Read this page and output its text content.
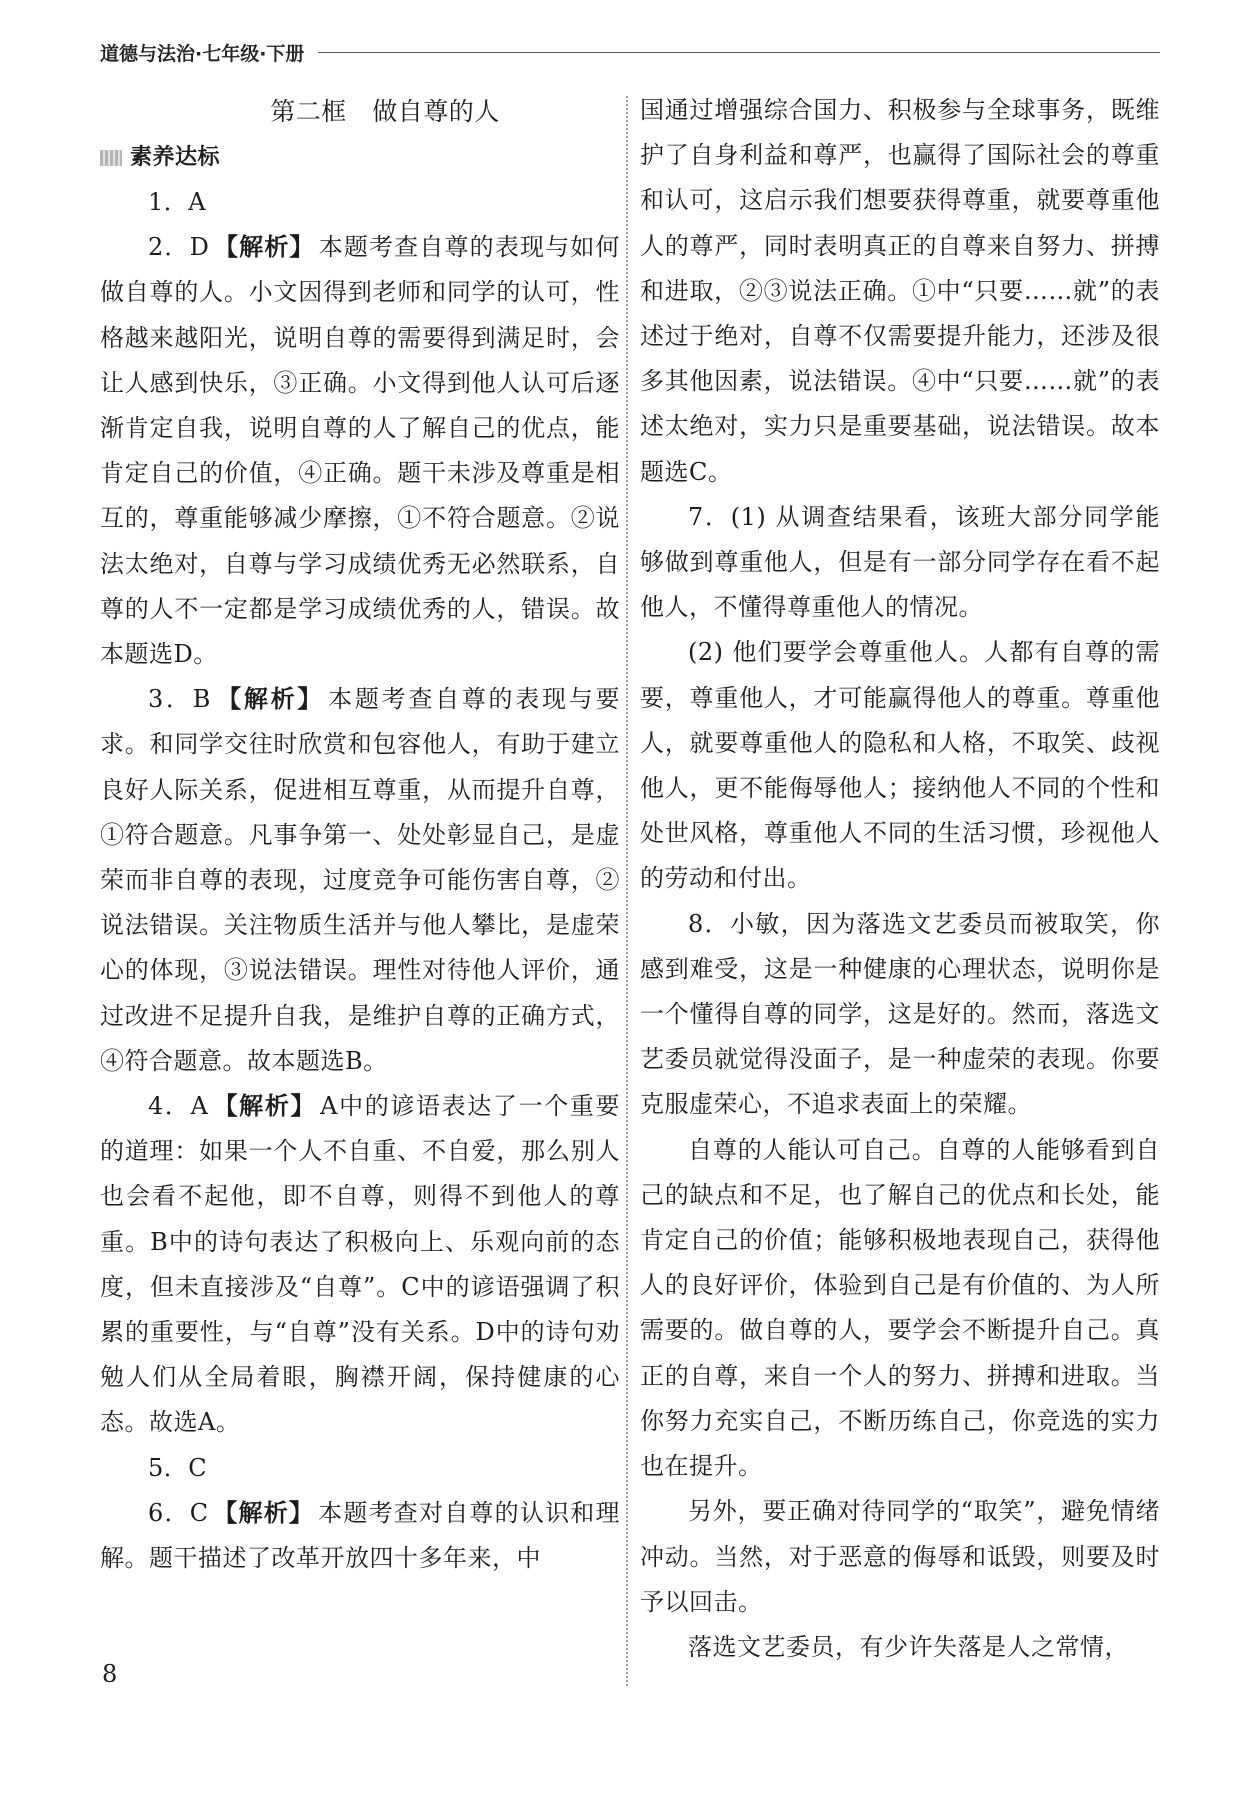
道德与法治·七年级·下册

第二框　做自尊的人

素养达标

1．A

2．D 【解析】 本题考查自尊的表现与如何做自尊的人。小文因得到老师和同学的认可，性格越来越阳光，说明自尊的需要得到满足时，会让人感到快乐，③正确。小文得到他人认可后逐渐肯定自我，说明自尊的人了解自己的优点，能肯定自己的价值，④正确。题干未涉及尊重是相互的，尊重能够减少摩擦，①不符合题意。②说法太绝对，自尊与学习成绩优秀无必然联系，自尊的人不一定都是学习成绩优秀的人，错误。故本题选D。

3．B 【解析】 本题考查自尊的表现与要求。和同学交往时欣赏和包容他人，有助于建立良好人际关系，促进相互尊重，从而提升自尊，①符合题意。凡事争第一、处处彰显自己，是虚荣而非自尊的表现，过度竞争可能伤害自尊，②说法错误。关注物质生活并与他人攀比，是虚荣心的体现，③说法错误。理性对待他人评价，通过改进不足提升自我，是维护自尊的正确方式，④符合题意。故本题选B。

4．A 【解析】 A中的谚语表达了一个重要的道理：如果一个人不自重、不自爱，那么别人也会看不起他，即不自尊，则得不到他人的尊重。B中的诗句表达了积极向上、乐观向前的态度，但未直接涉及“自尊”。C中的谚语强调了积累的重要性，与“自尊”没有关系。D中的诗句劝勉人们从全局着眼，胸襟开阔，保持健康的心态。故选A。

5．C

6．C 【解析】 本题考查对自尊的认识和理解。题干描述了改革开放四十多年来，中

国通过增强综合国力、积极参与全球事务，既维护了自身利益和尊严，也赢得了国际社会的尊重和认可，这启示我们想要获得尊重，就要尊重他人的尊严，同时表明真正的自尊来自努力、拼搏和进取，②③说法正确。①中“只要……就”的表述过于绝对，自尊不仅需要提升能力，还涉及很多其他因素，说法错误。④中“只要……就”的表述太绝对，实力只是重要基础，说法错误。故本题选C。

7．(1) 从调查结果看，该班大部分同学能够做到尊重他人，但是有一部分同学存在看不起他人，不懂得尊重他人的情况。

(2) 他们要学会尊重他人。人都有自尊的需要，尊重他人，才可能赢得他人的尊重。尊重他人，就要尊重他人的隐私和人格，不取笑、歧视他人，更不能侮辱他人；接纳他人不同的个性和处世风格，尊重他人不同的生活习惯，珍视他人的劳动和付出。

8．小敏，因为落选文艺委员而被取笑，你感到难受，这是一种健康的心理状态，说明你是一个懂得自尊的同学，这是好的。然而，落选文艺委员就觉得没面子，是一种虚荣的表现。你要克服虚荣心，不追求表面上的荣耀。

自尊的人能认可自己。自尊的人能够看到自己的缺点和不足，也了解自己的优点和长处，能肯定自己的价值；能够积极地表现自己，获得他人的良好评价，体验到自己是有价值的、为人所需要的。做自尊的人，要学会不断提升自己。真正的自尊，来自一个人的努力、拼搏和进取。当你努力充实自己，不断历练自己，你竞选的实力也在提升。

另外，要正确对待同学的“取笑”，避免情绪冲动。当然，对于恶意的侮辱和诋毁，则要及时予以回击。

落选文艺委员，有少许失落是人之常情，

8
